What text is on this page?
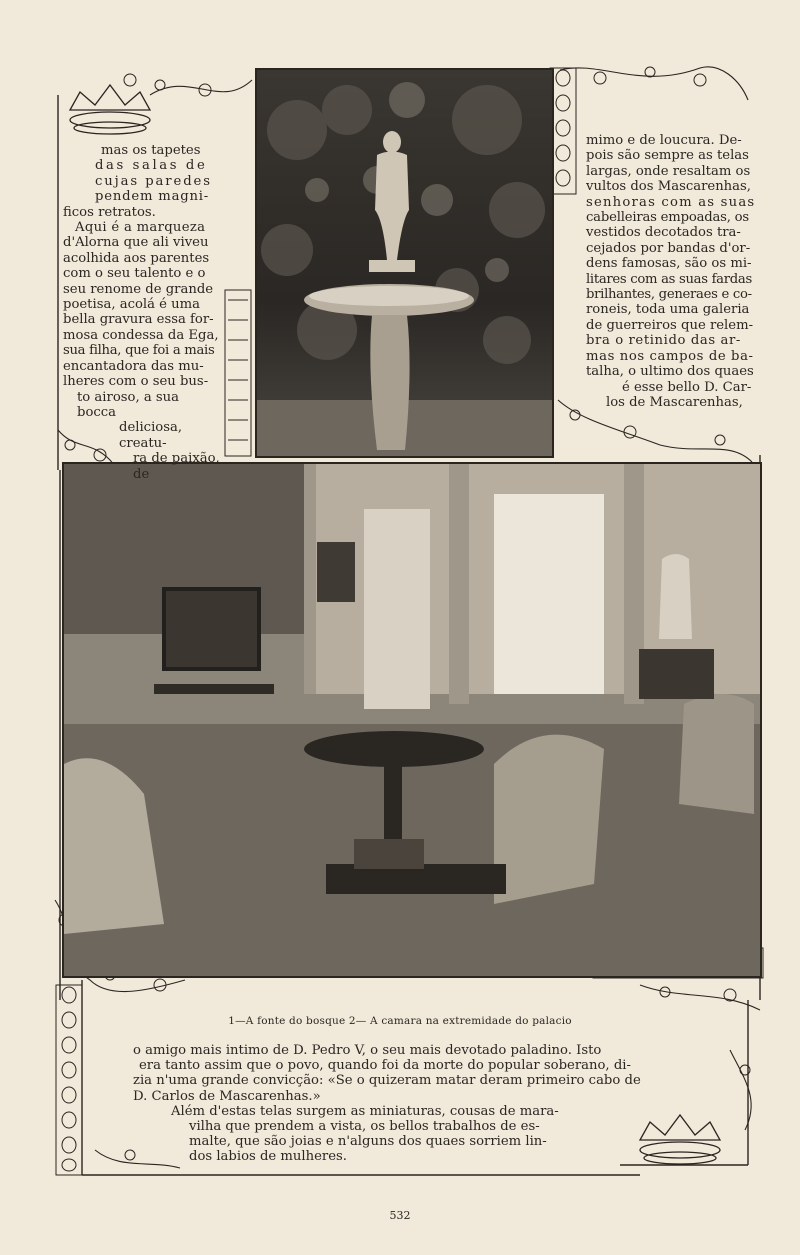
mas os tapetes

das salas de

cujas paredes

pendem magni-

ficos retratos.

Aqui é a marqueza

d'Alorna que ali viveu

acolhida aos parentes

com o seu talento e o

seu renome de grande

poetisa, acolá é uma

bella gravura essa for-

mosa condessa da Ega,

sua filha, que foi a mais

encantadora das mu-

lheres com o seu bus-

to airoso, a sua bocca

deliciosa, creatu-

ra de paixão, de

mimo e de loucura. De-

pois são sempre as telas

largas, onde resaltam os

vultos dos Mascarenhas,

senhoras com as suas

cabelleiras empoadas, os

vestidos decotados tra-

cejados por bandas d'or-

dens famosas, são os mi-

litares com as suas fardas

brilhantes, generaes e co-

roneis, toda uma galeria

de guerreiros que relem-

bra o retinido das ar-

mas nos campos de ba-

talha, o ultimo dos quaes

é esse bello D. Car-

los de Mascarenhas,

1—A fonte do bosque 2— A camara na extremidade do palacio

o amigo mais intimo de D. Pedro V, o seu mais devotado paladino. Isto

era tanto assim que o povo, quando foi da morte do popular soberano, di-

zia n'uma grande convicção: «Se o quizeram matar deram primeiro cabo de

D. Carlos de Mascarenhas.»

Além d'estas telas surgem as miniaturas, cousas de mara-

vilha que prendem a vista, os bellos trabalhos de es-

malte, que são joias e n'alguns dos quaes sorriem lin-

dos labios de mulheres.

532
